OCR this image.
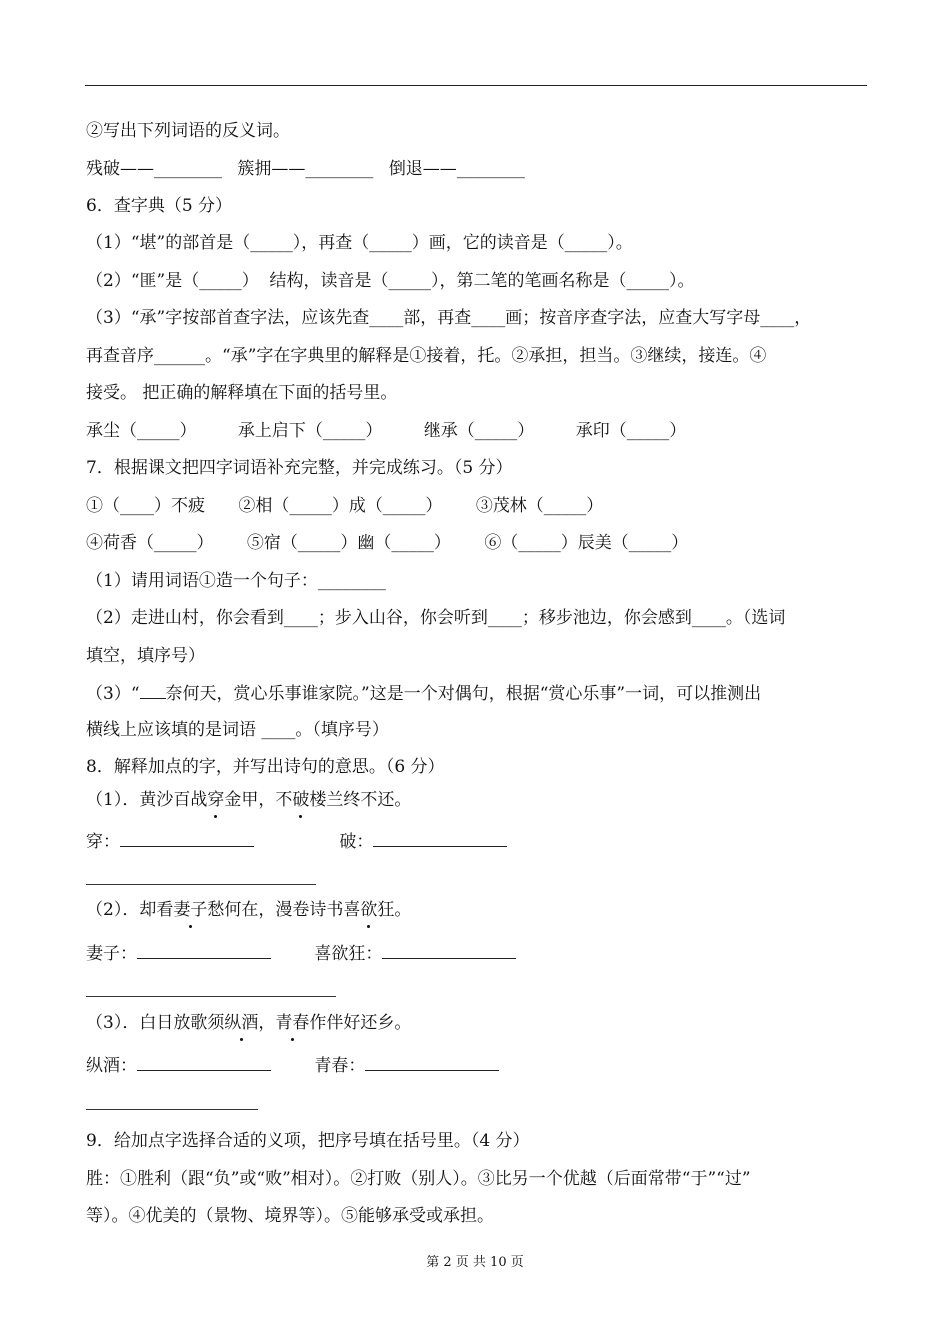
②写出下列词语的反义词。
残破——________ 簇拥——________ 倒退——________
6．查字典（5 分）
（1）“堪”的部首是（_____），再查（_____）画，它的读音是（_____）。
（2）“匪”是（_____）  结构，读音是（_____），第二笔的笔画名称是（_____）。
（3）“承”字按部首查字法，应该先查____部，再查____画；按音序查字法，应查大写字母____，
再查音序______。“承”字在字典里的解释是①接着，托。②承担，担当。③继续，接连。④
接受。 把正确的解释填在下面的括号里。
承尘（_____） 承上启下（_____） 继承（_____） 承印（_____）
7．根据课文把四字词语补充完整，并完成练习。（5 分）
①（____）不疲 ②相（_____）成（_____） ③茂林（_____）
④荷香（_____） ⑤宿（_____）幽（_____） ⑥（_____）辰美（_____）
（1）请用词语①造一个句子：________
（2）走进山村，你会看到____；步入山谷，你会听到____；移步池边，你会感到____。（选词
填空，填序号）
（3）“ 奈何天，赏心乐事谁家院。”这是一个对偶句，根据“赏心乐事”一词，可以推测出
横线上应该填的是词语 ____。（填序号）
8．解释加点的字，并写出诗句的意思。（6 分）
（1）．黄沙百战穿金甲，不破楼兰终不还。
穿：	破：
（2）．却看妻子愁何在，漫卷诗书喜欲狂。
妻子：	喜欲狂：
（3）．白日放歌须纵酒，青春作伴好还乡。
纵酒：	青春：
9．给加点字选择合适的义项，把序号填在括号里。（4 分）
胜：①胜利（跟“负”或“败”相对）。②打败（别人）。③比另一个优越（后面常带“于”“过”
等）。④优美的（景物、境界等）。⑤能够承受或承担。
第 2 页 共 10 页
